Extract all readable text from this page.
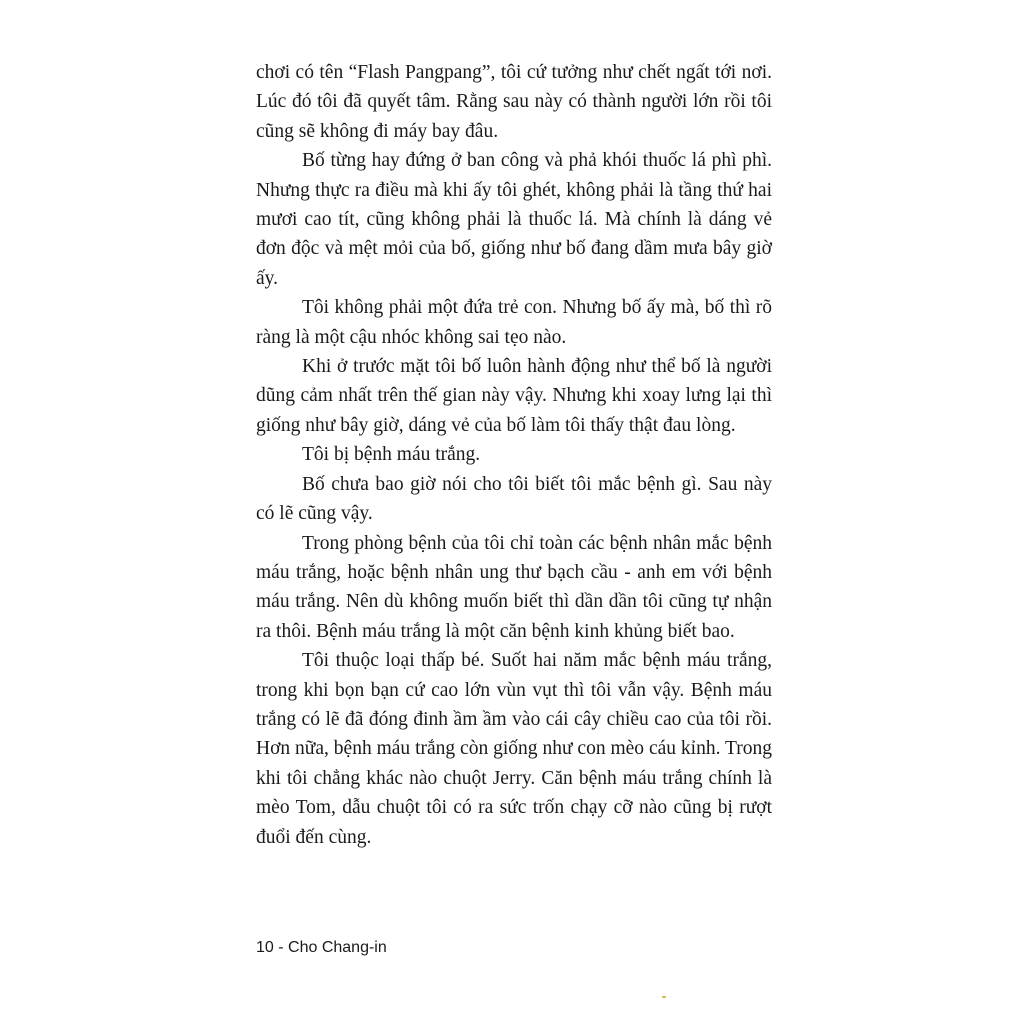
chơi có tên “Flash Pangpang”, tôi cứ tưởng như chết ngất tới nơi. Lúc đó tôi đã quyết tâm. Rằng sau này có thành người lớn rồi tôi cũng sẽ không đi máy bay đâu.

Bố từng hay đứng ở ban công và phả khói thuốc lá phì phì. Nhưng thực ra điều mà khi ấy tôi ghét, không phải là tầng thứ hai mươi cao tít, cũng không phải là thuốc lá. Mà chính là dáng vẻ đơn độc và mệt mỏi của bố, giống như bố đang dầm mưa bây giờ ấy.

Tôi không phải một đứa trẻ con. Nhưng bố ấy mà, bố thì rõ ràng là một cậu nhóc không sai tẹo nào.

Khi ở trước mặt tôi bố luôn hành động như thể bố là người dũng cảm nhất trên thế gian này vậy. Nhưng khi xoay lưng lại thì giống như bây giờ, dáng vẻ của bố làm tôi thấy thật đau lòng.

Tôi bị bệnh máu trắng.

Bố chưa bao giờ nói cho tôi biết tôi mắc bệnh gì. Sau này có lẽ cũng vậy.

Trong phòng bệnh của tôi chỉ toàn các bệnh nhân mắc bệnh máu trắng, hoặc bệnh nhân ung thư bạch cầu - anh em với bệnh máu trắng. Nên dù không muốn biết thì dần dần tôi cũng tự nhận ra thôi. Bệnh máu trắng là một căn bệnh kinh khủng biết bao.

Tôi thuộc loại thấp bé. Suốt hai năm mắc bệnh máu trắng, trong khi bọn bạn cứ cao lớn vùn vụt thì tôi vẫn vậy. Bệnh máu trắng có lẽ đã đóng đinh ầm ầm vào cái cây chiều cao của tôi rồi. Hơn nữa, bệnh máu trắng còn giống như con mèo cáu kỉnh. Trong khi tôi chẳng khác nào chuột Jerry. Căn bệnh máu trắng chính là mèo Tom, dẫu chuột tôi có ra sức trốn chạy cỡ nào cũng bị rượt đuổi đến cùng.

10 - Cho Chang-in
